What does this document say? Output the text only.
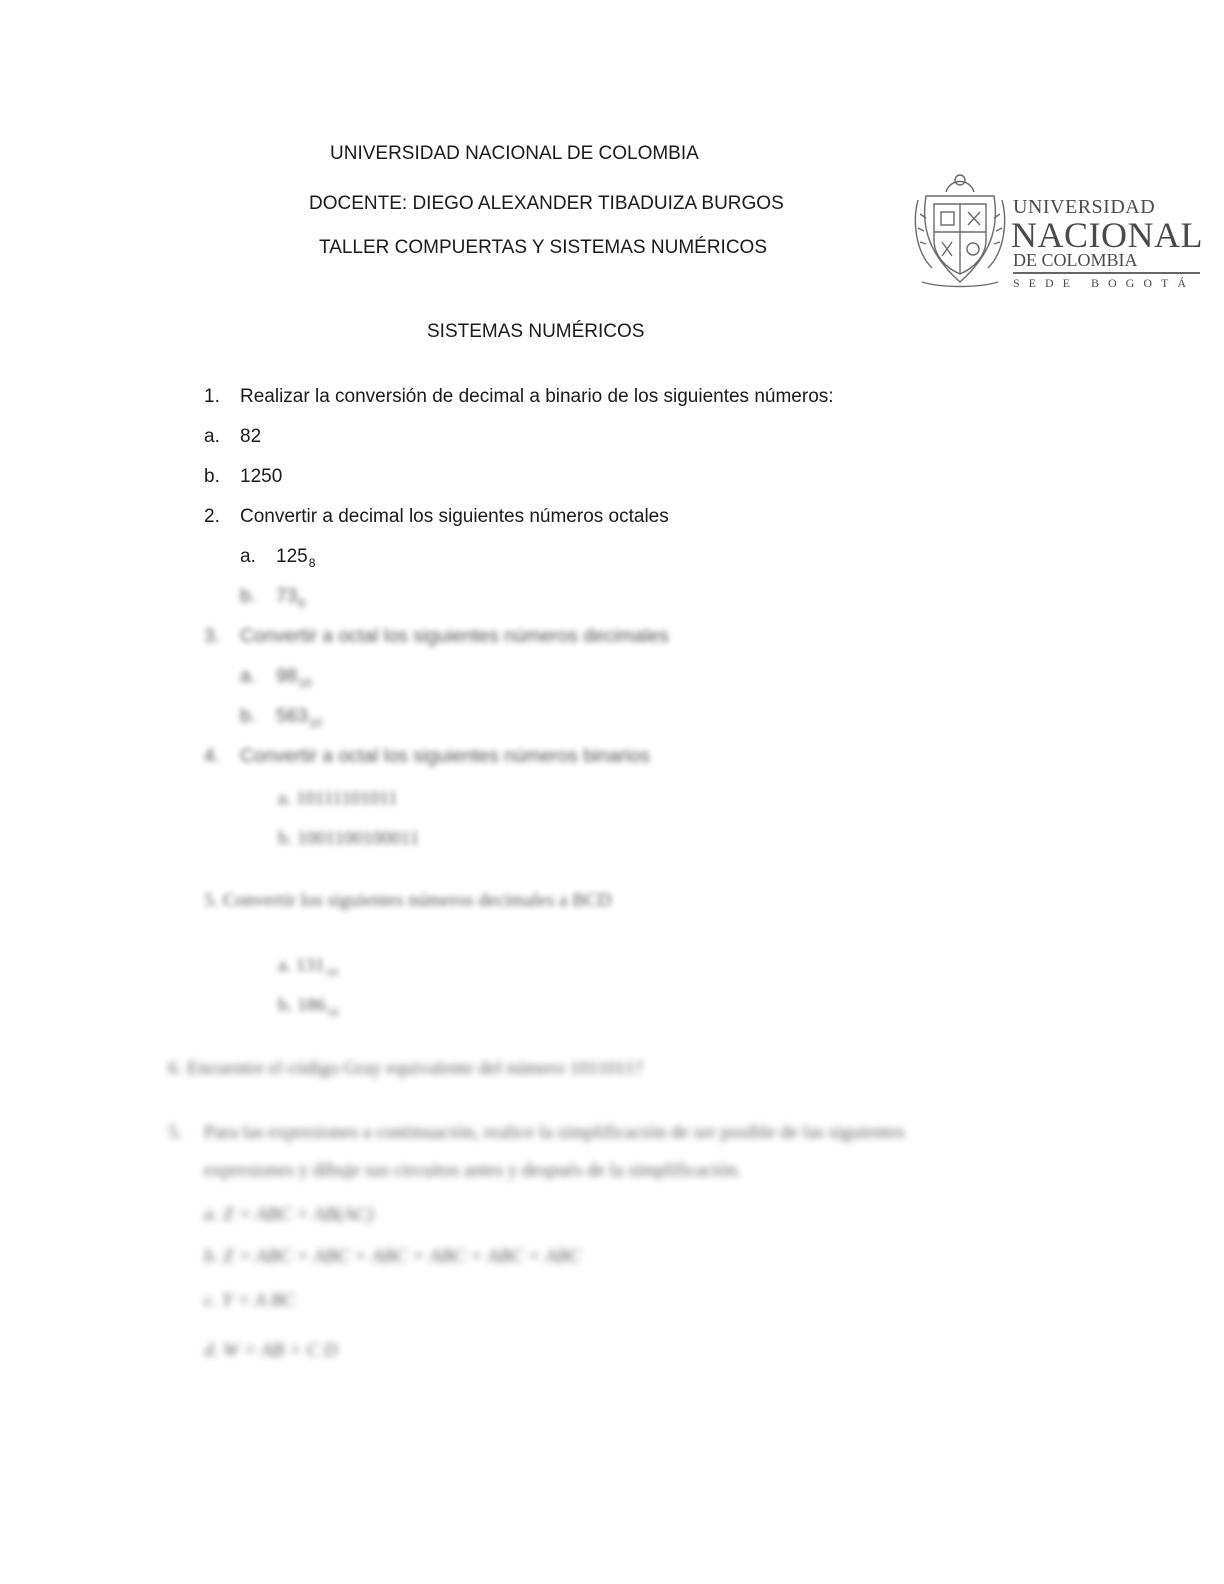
UNIVERSIDAD NACIONAL DE COLOMBIA
DOCENTE: DIEGO ALEXANDER TIBADUIZA BURGOS
TALLER COMPUERTAS Y SISTEMAS NUMÉRICOS
UNIVERSIDAD
NACIONAL
DE COLOMBIA
SEDE BOGOTÁ
SISTEMAS NUMÉRICOS
1. Realizar la conversión de decimal a binario de los siguientes números:
a. 82
b. 1250
2. Convertir a decimal los siguientes números octales
a. $125_8$
b. $73_8$
3. Convertir a octal los siguientes números decimales
a. $98_{10}$
b. $563_{10}$
4. Convertir a octal los siguientes números binarios
a. 10111101011
b. 1001100100011
5. Convertir los siguientes números decimales a BCD
a. $131_{10}$
b. $186_{10}$
6. Encuentre el código Gray equivalente del número 1011011?
5. Para las expresiones a continuación, realice la simplificación de ser posible de las siguientes
expresiones y dibuje sus circuitos antes y después de la simplificación.
a. Z = ABC + AB(AC)
b. Z = ABC + ABC + ABC + ABC + ABC + ABC
c. Y = A BC
d. W = AB + C D
